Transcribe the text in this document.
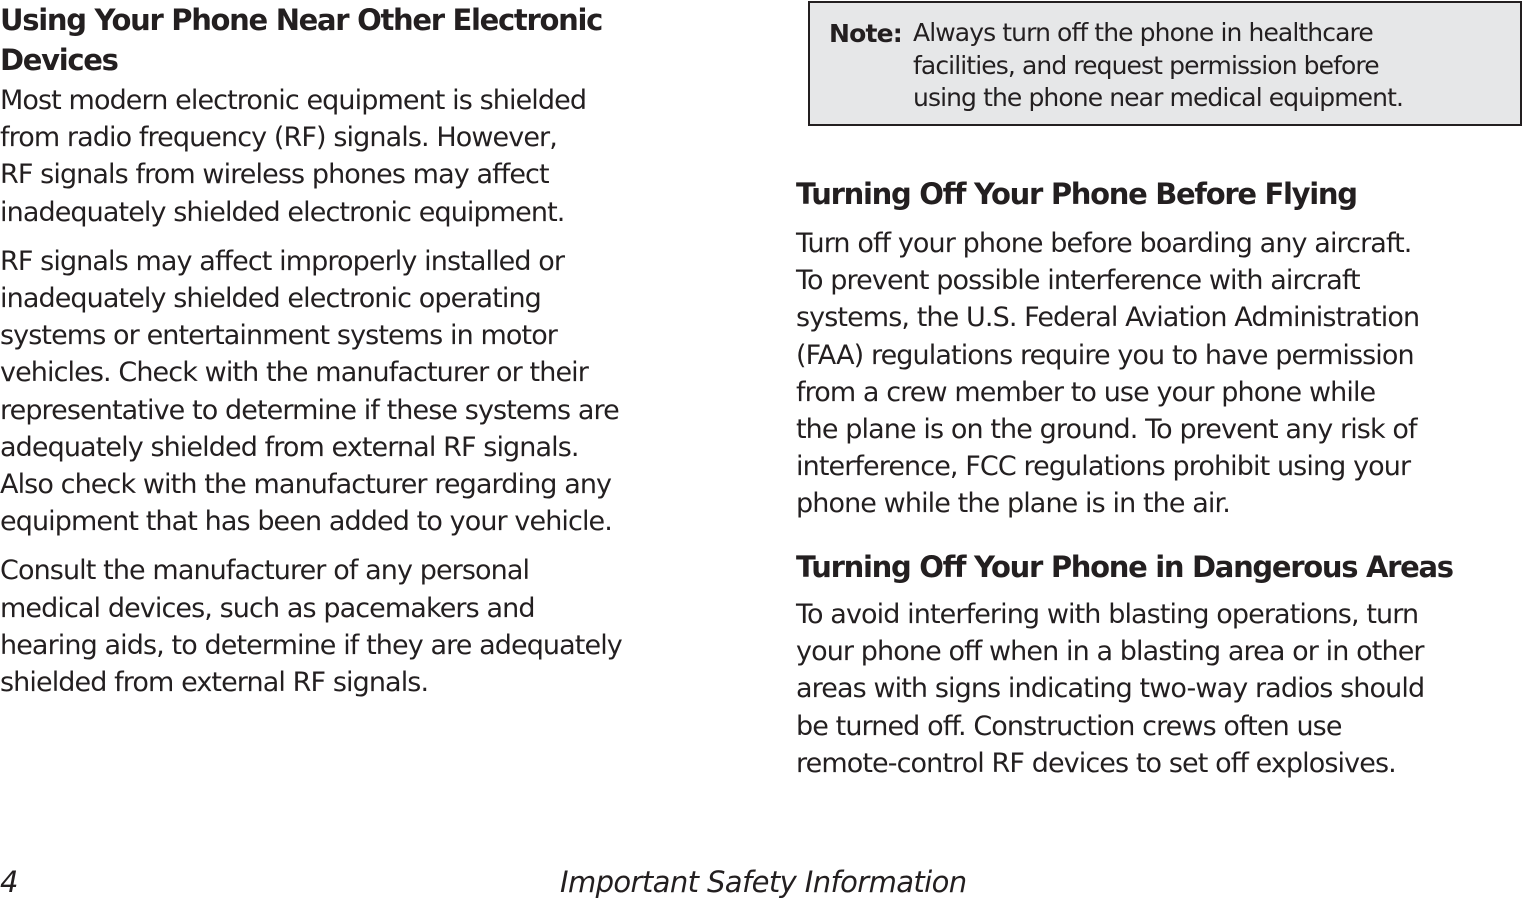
Using Your Phone Near Other Electronic
Devices

Most modern electronic equipment is shielded
from radio frequency (RF) signals. However,
RF signals from wireless phones may affect
inadequately shielded electronic equipment.

RF signals may affect improperly installed or
inadequately shielded electronic operating
systems or entertainment systems in motor
vehicles. Check with the manufacturer or their
representative to determine if these systems are
adequately shielded from external RF signals.
Also check with the manufacturer regarding any
equipment that has been added to your vehicle.

Consult the manufacturer of any personal
medical devices, such as pacemakers and
hearing aids, to determine if they are adequately
shielded from external RF signals.

Note: Always turn off the phone in healthcare
facilities, and request permission before
using the phone near medical equipment.
Turning Off Your Phone Before Flying

Turn off your phone before boarding any aircraft.
To prevent possible interference with aircraft
systems, the U.S. Federal Aviation Administration
(FAA) regulations require you to have permission
from a crew member to use your phone while
the plane is on the ground. To prevent any risk of
interference, FCC regulations prohibit using your
phone while the plane is in the air.

Turning Off Your Phone in Dangerous Areas

To avoid interfering with blasting operations, turn
your phone off when in a blasting area or in other
areas with signs indicating two-way radios should
be turned off. Construction crews often use
remote-control RF devices to set off explosives.

4	Important Safety Information
